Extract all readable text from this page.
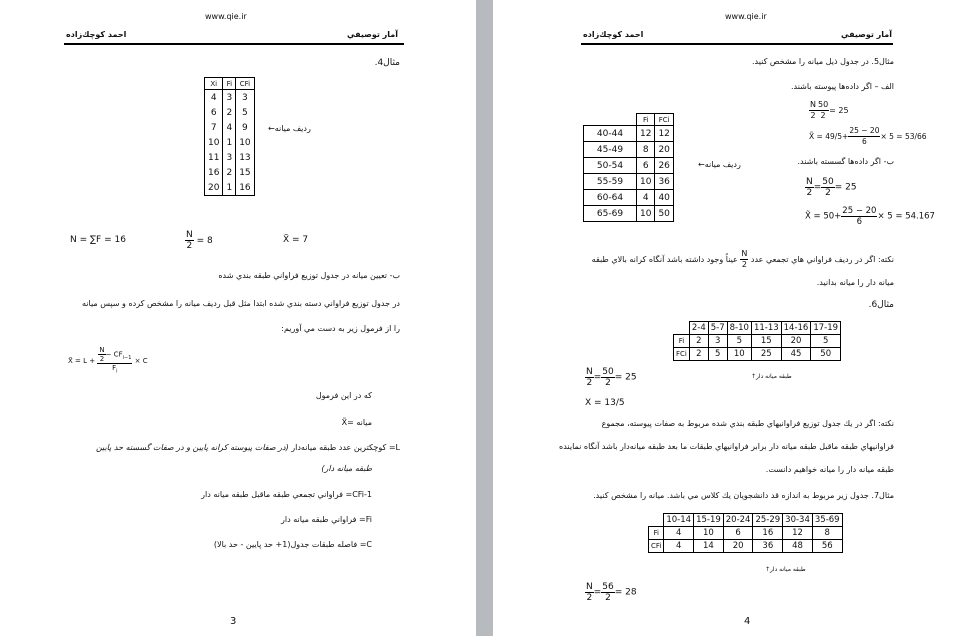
www.qie.ir
آمار توصيفي
احمد كوچك‌زاده
مثال4.
Xi	Fi	CFi
4	3	3
6	2	5
7	4	9
10	1	10
11	3	13
16	2	15
20	1	16
رديف ميانه←
N = ∑F = 16	$\frac{N}{2} = 8$	X̃ = 7
ب- تعيين ميانه در جدول توزيع فراواني طبقه بندي شده
در جدول توزيع فراواني دسته بندي شده ابتدا مثل قبل رديف ميانه را مشخص كرده و سپس ميانه
را از فرمول زير به دست مي آوريم:
X̃ = $L + \frac{\frac{N}{2} - CF_{i-1}}{F_i} \times C$
كه در اين فرمول
ميانه =X̃
L= كوچكترين عدد طبقه ميانه‌دار (در صفات پيوسته كرانه پايين و در صفات گسسته حد پايين
طبقه ميانه دار)
CFi-1= فراواني تجمعي طبقه ماقبل طبقه ميانه دار
Fi= فراواني طبقه ميانه دار
C= فاصله طبقات جدول(1+ حد پايين - حد بالا)
3
www.qie.ir
آمار توصيفي
احمد كوچك‌زاده
مثال5. در جدول ذيل ميانه را مشخص كنيد.
الف – اگر داده‌ها پيوسته باشند.
$\frac{N}{2} \frac{50}{2} = 25$
X̃ = $49/5+ \frac{25 - 20}{6} \times 5 = 53/66$
	Fi	FCi
40-44	12	12
45-49	8	20
50-54	6	26
55-59	10	36
60-64	4	40
65-69	10	50
رديف ميانه←	ب- اگر داده‌ها گسسته باشند.
$\frac{N}{2} = \frac{50}{2} = 25$
X̃ = $50+ \frac{25 - 20}{6} \times 5 = 54.167$
نكته: اگر در رديف فراواني هاي تجمعي عدد
$\frac{N}{2}$
عيناً وجود داشته باشد آنگاه كرانه بالاي طبقه
ميانه دار را ميانه بدانيد.
مثال6.
	2-4	5-7	8-10	11-13	14-16	17-19
Fi	2	3	5	15	20	5
FCi	2	5	10	25	45	50
طبقه ميانه دار↑
$\frac{N}{2} = \frac{50}{2} = 25$
X = 13/5
نكته: اگر در يك جدول توزيع فراوانيهاي طبقه بندي شده مربوط به صفات پيوسته، مجموع
فراوانيهاي طبقه ماقبل طبقه ميانه دار برابر فراوانيهاي طبقات ما بعد طبقه ميانه‌دار باشد آنگاه نماينده
طبقه ميانه دار را ميانه خواهيم دانست.
مثال7. جدول زير مربوط به اندازه قد دانشجويان يك كلاس مي باشد. ميانه را مشخص كنيد.
	10-14	15-19	20-24	25-29	30-34	35-69
Fi	4	10	6	16	12	8
CFi	4	14	20	36	48	56
طبقه ميانه دار↑
$\frac{N}{2} = \frac{56}{2} = 28$
4
